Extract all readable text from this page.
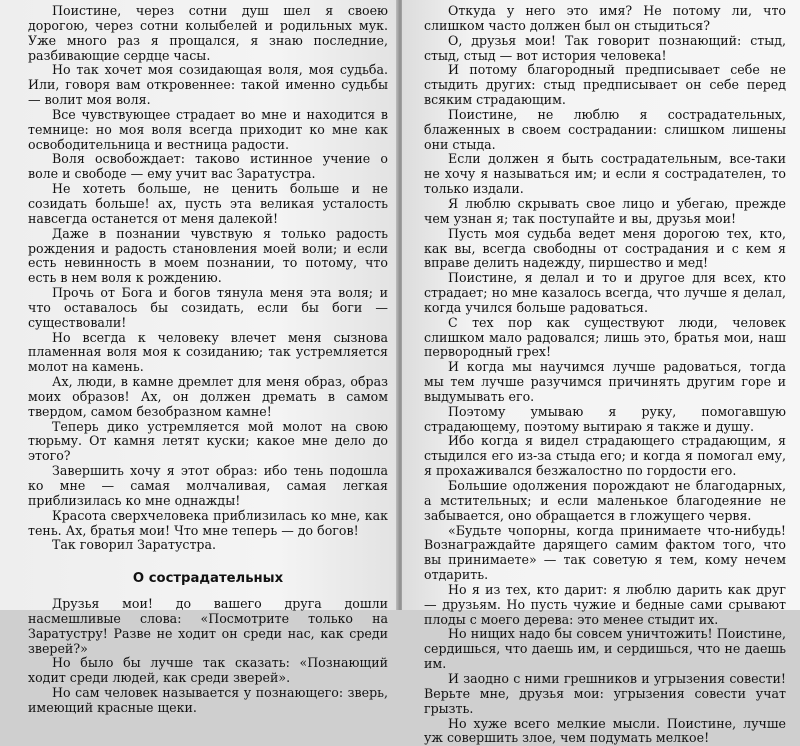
Поистине, через сотни душ шел я своею дорогою, через сотни колыбелей и родильных мук. Уже много раз я прощался, я знаю последние, разбивающие сердце часы.

Но так хочет моя созидающая воля, моя судьба. Или, говоря вам откровеннее: такой именно судьбы — волит моя воля.

Все чувствующее страдает во мне и находится в темнице: но моя воля всегда приходит ко мне как освободительница и вестница радости.

Воля освобождает: таково истинное учение о воле и свободе — ему учит вас Заратустра.

Не хотеть больше, не ценить больше и не созидать больше! ах, пусть эта великая усталость навсегда останется от меня далекой!

Даже в познании чувствую я только радость рождения и радость становления моей воли; и если есть невинность в моем познании, то потому, что есть в нем воля к рождению.

Прочь от Бога и богов тянула меня эта воля; и что оставалось бы созидать, если бы боги — существовали!

Но всегда к человеку влечет меня сызнова пламенная воля моя к созиданию; так устремляется молот на камень.

Ах, люди, в камне дремлет для меня образ, образ моих образов! Ах, он должен дремать в самом твердом, самом безобразном камне!

Теперь дико устремляется мой молот на свою тюрьму. От камня летят куски; какое мне дело до этого?

Завершить хочу я этот образ: ибо тень подошла ко мне — самая молчаливая, самая легкая приблизилась ко мне однажды!

Красота сверхчеловека приблизилась ко мне, как тень. Ах, братья мои! Что мне теперь — до богов!

Так говорил Заратустра.

О сострадательных

Друзья мои! до вашего друга дошли насмешливые слова: «Посмотрите только на Заратустру! Разве не ходит он среди нас, как среди зверей?»

Но было бы лучше так сказать: «Познающий ходит среди людей, как среди зверей».

Но сам человек называется у познающего: зверь, имеющий красные щеки.

Откуда у него это имя? Не потому ли, что слишком часто должен был он стыдиться?

О, друзья мои! Так говорит познающий: стыд, стыд, стыд — вот история человека!

И потому благородный предписывает себе не стыдить других: стыд предписывает он себе перед всяким страдающим.

Поистине, не люблю я сострадательных, блаженных в своем сострадании: слишком лишены они стыда.

Если должен я быть сострадательным, все-таки не хочу я называться им; и если я сострадателен, то только издали.

Я люблю скрывать свое лицо и убегаю, прежде чем узнан я; так поступайте и вы, друзья мои!

Пусть моя судьба ведет меня дорогою тех, кто, как вы, всегда свободны от сострадания и с кем я вправе делить надежду, пиршество и мед!

Поистине, я делал и то и другое для всех, кто страдает; но мне казалось всегда, что лучше я делал, когда учился больше радоваться.

С тех пор как существуют люди, человек слишком мало радовался; лишь это, братья мои, наш первородный грех!

И когда мы научимся лучше радоваться, тогда мы тем лучше разучимся причинять другим горе и выдумывать его.

Поэтому умываю я руку, помогавшую страдающему, поэтому вытираю я также и душу.

Ибо когда я видел страдающего страдающим, я стыдился его из-за стыда его; и когда я помогал ему, я прохаживался безжалостно по гордости его.

Большие одолжения порождают не благодарных, а мстительных; и если маленькое благодеяние не забывается, оно обращается в гложущего червя.

«Будьте чопорны, когда принимаете что-нибудь! Вознаграждайте дарящего самим фактом того, что вы принимаете» — так советую я тем, кому нечем отдарить.

Но я из тех, кто дарит: я люблю дарить как друг — друзьям. Но пусть чужие и бедные сами срывают плоды с моего дерева: это менее стыдит их.

Но нищих надо бы совсем уничтожить! Поистине, сердишься, что даешь им, и сердишься, что не даешь им.

И заодно с ними грешников и угрызения совести! Верьте мне, друзья мои: угрызения совести учат грызть.

Но хуже всего мелкие мысли. Поистине, лучше уж совершить злое, чем подумать мелкое!
